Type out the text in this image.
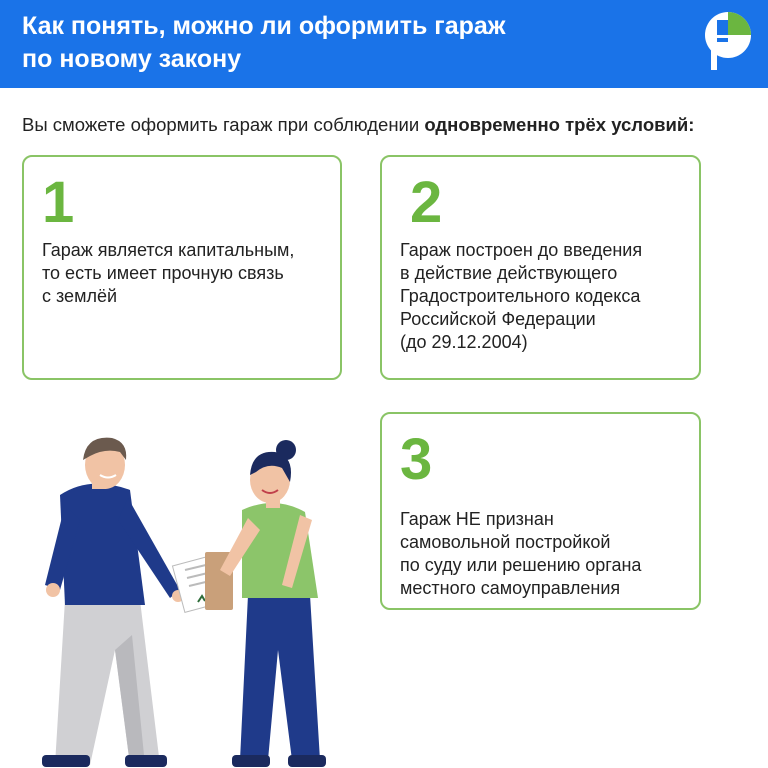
Как понять, можно ли оформить гараж
по новому закону
Вы сможете оформить гараж при соблюдении одновременно трёх условий:
1
Гараж является капитальным,
то есть имеет прочную связь
с землёй
2
Гараж построен до введения
в действие действующего
Градостроительного кодекса
Российской Федерации
(до 29.12.2004)
3
Гараж НЕ признан
самовольной постройкой
по суду или решению органа
местного самоуправления
